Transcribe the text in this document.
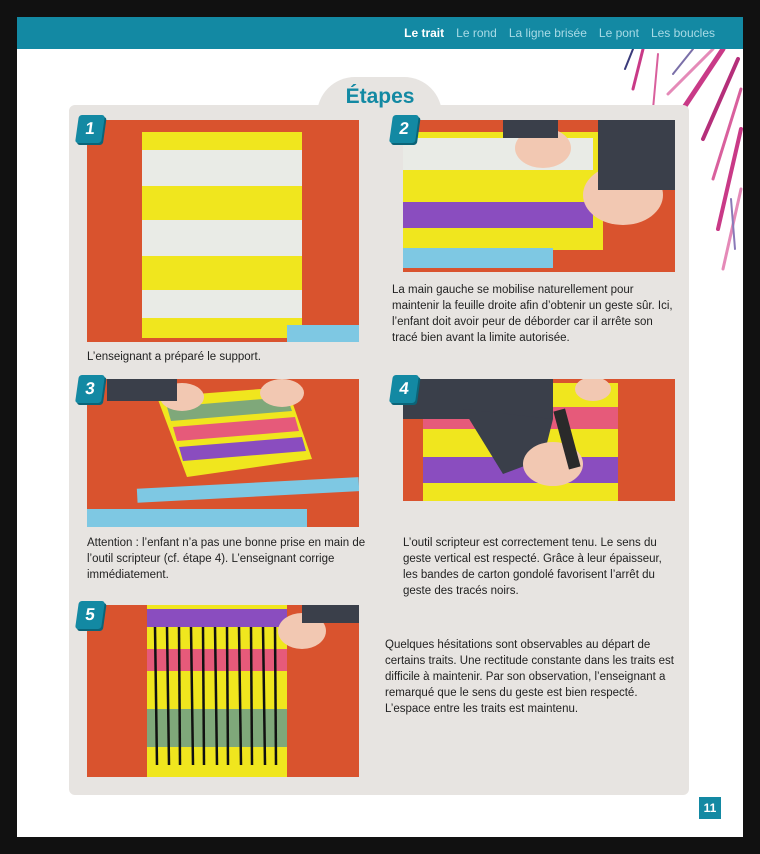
Le trait Le rond La ligne brisée Le pont Les boucles
Étapes
1
L’enseignant a préparé le support.
2
La main gauche se mobilise naturellement pour maintenir la feuille droite afin d’obtenir un geste sûr. Ici, l’enfant doit avoir peur de déborder car il arrête son tracé bien avant la limite autorisée.
3
Attention : l’enfant n’a pas une bonne prise en main de l’outil scripteur (cf. étape 4). L’enseignant corrige immédiatement.
4
L’outil scripteur est correctement tenu. Le sens du geste vertical est respecté. Grâce à leur épaisseur, les bandes de carton gondolé favorisent l’arrêt du geste des tracés noirs.
5
Quelques hésitations sont observables au départ de certains traits. Une rectitude constante dans les traits est difficile à maintenir. Par son observation, l’enseignant a remarqué que le sens du geste est bien respecté. L’espace entre les traits est maintenu.
11
